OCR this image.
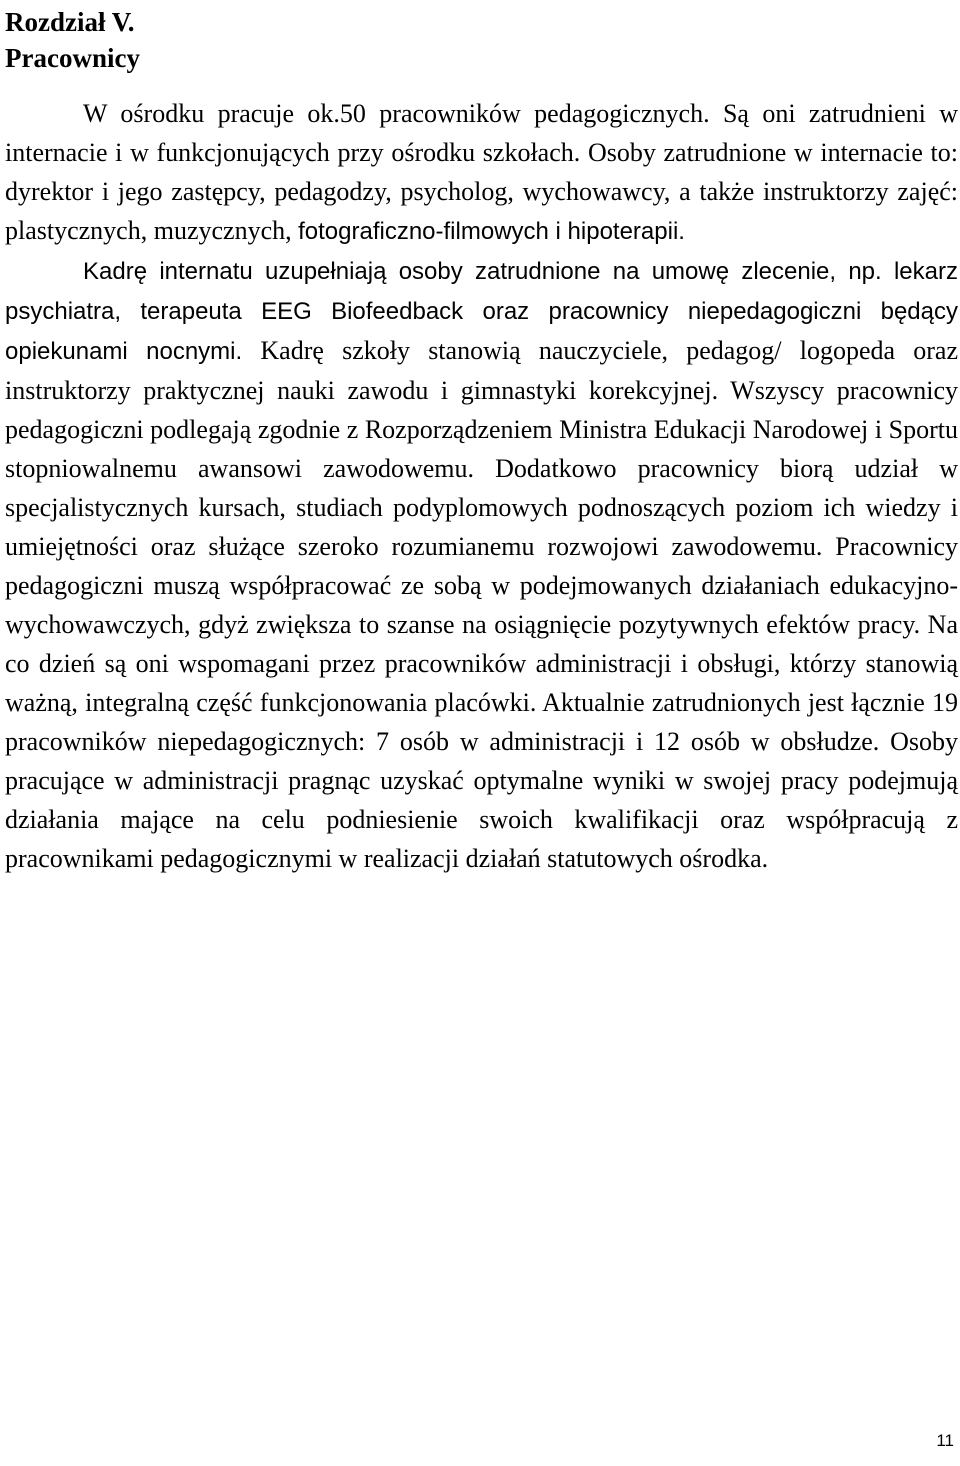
Rozdział V.
Pracownicy
W ośrodku pracuje ok.50 pracowników pedagogicznych. Są oni zatrudnieni w internacie i w funkcjonujących przy ośrodku szkołach. Osoby zatrudnione w internacie to: dyrektor i jego zastępcy, pedagodzy, psycholog, wychowawcy, a także instruktorzy zajęć: plastycznych, muzycznych, fotograficzno-filmowych i hipoterapii.
Kadrę internatu uzupełniają osoby zatrudnione na umowę zlecenie, np. lekarz psychiatra, terapeuta EEG Biofeedback oraz pracownicy niepedagogiczni będący opiekunami nocnymi. Kadrę szkoły stanowią nauczyciele, pedagog/ logopeda oraz instruktorzy praktycznej nauki zawodu i gimnastyki korekcyjnej. Wszyscy pracownicy pedagogiczni podlegają zgodnie z Rozporządzeniem Ministra Edukacji Narodowej i Sportu stopniowalnemu awansowi zawodowemu. Dodatkowo pracownicy biorą udział w specjalistycznych kursach, studiach podyplomowych podnoszących poziom ich wiedzy i umiejętności oraz służące szeroko rozumianemu rozwojowi zawodowemu. Pracownicy pedagogiczni muszą współpracować ze sobą w podejmowanych działaniach edukacyjno-wychowawczych, gdyż zwiększa to szanse na osiągnięcie pozytywnych efektów pracy. Na co dzień są oni wspomagani przez pracowników administracji i obsługi, którzy stanowią ważną, integralną część funkcjonowania placówki. Aktualnie zatrudnionych jest łącznie 19 pracowników niepedagogicznych: 7 osób w administracji i 12 osób w obsłudze. Osoby pracujące w administracji pragnąc uzyskać optymalne wyniki w swojej pracy podejmują działania mające na celu podniesienie swoich kwalifikacji oraz współpracują z pracownikami pedagogicznymi w realizacji działań statutowych ośrodka.
11
